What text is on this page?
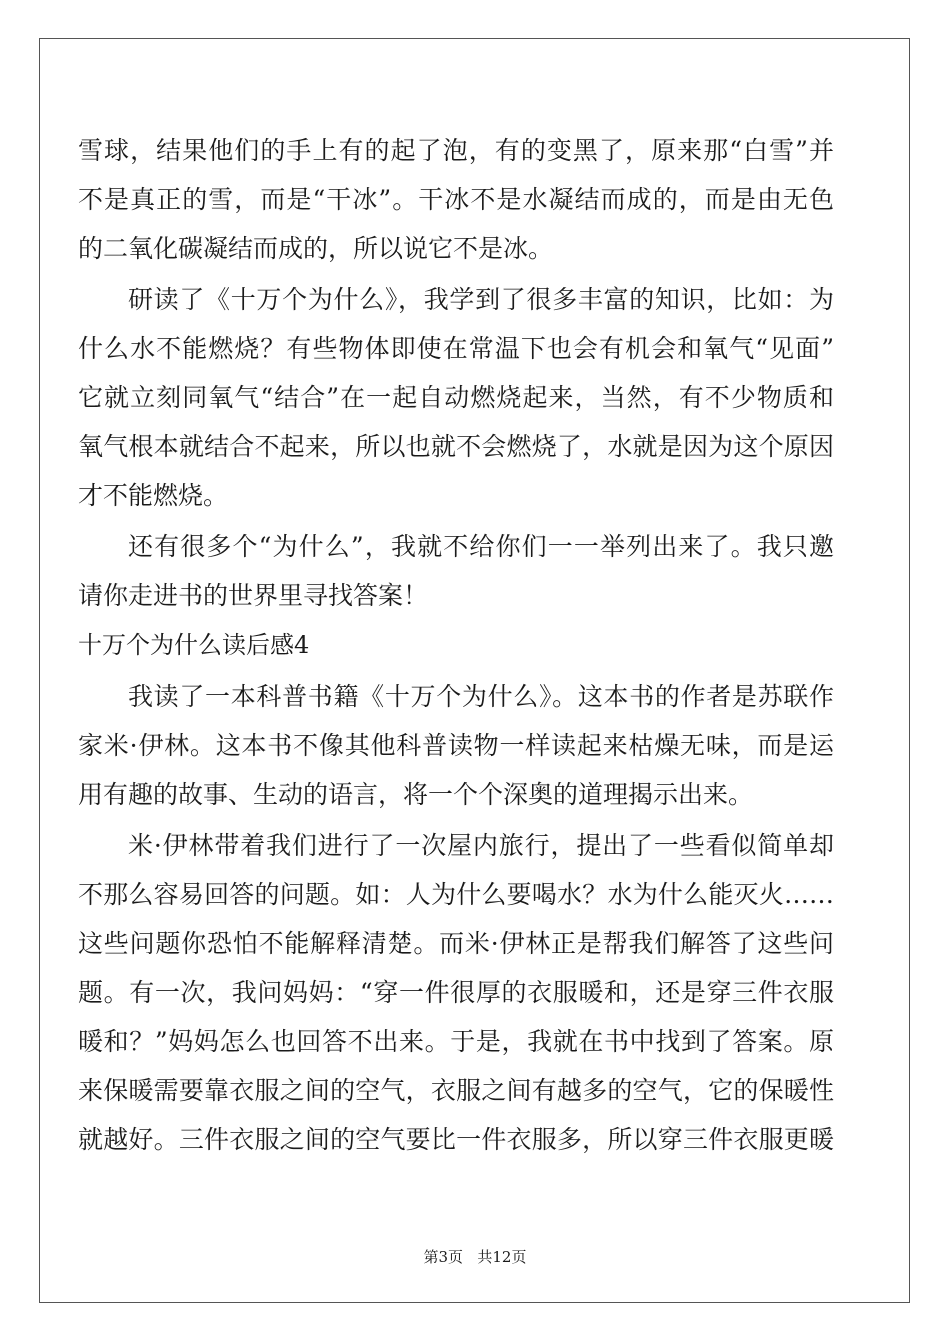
雪球，结果他们的手上有的起了泡，有的变黑了，原来那“白雪”并
不是真正的雪，而是“干冰”。干冰不是水凝结而成的，而是由无色
的二氧化碳凝结而成的，所以说它不是冰。
研读了《十万个为什么》，我学到了很多丰富的知识，比如：为
什么水不能燃烧？有些物体即使在常温下也会有机会和氧气“见面”
它就立刻同氧气“结合”在一起自动燃烧起来，当然，有不少物质和
氧气根本就结合不起来，所以也就不会燃烧了，水就是因为这个原因
才不能燃烧。
还有很多个“为什么”，我就不给你们一一举列出来了。我只邀
请你走进书的世界里寻找答案！
十万个为什么读后感4
我读了一本科普书籍《十万个为什么》。这本书的作者是苏联作
家米·伊林。这本书不像其他科普读物一样读起来枯燥无味，而是运
用有趣的故事、生动的语言，将一个个深奥的道理揭示出来。
米·伊林带着我们进行了一次屋内旅行，提出了一些看似简单却
不那么容易回答的问题。如：人为什么要喝水？水为什么能灭火……
这些问题你恐怕不能解释清楚。而米·伊林正是帮我们解答了这些问
题。有一次，我问妈妈：“穿一件很厚的衣服暖和，还是穿三件衣服
暖和？”妈妈怎么也回答不出来。于是，我就在书中找到了答案。原
来保暖需要靠衣服之间的空气，衣服之间有越多的空气，它的保暖性
就越好。三件衣服之间的空气要比一件衣服多，所以穿三件衣服更暖
第3页 共12页
